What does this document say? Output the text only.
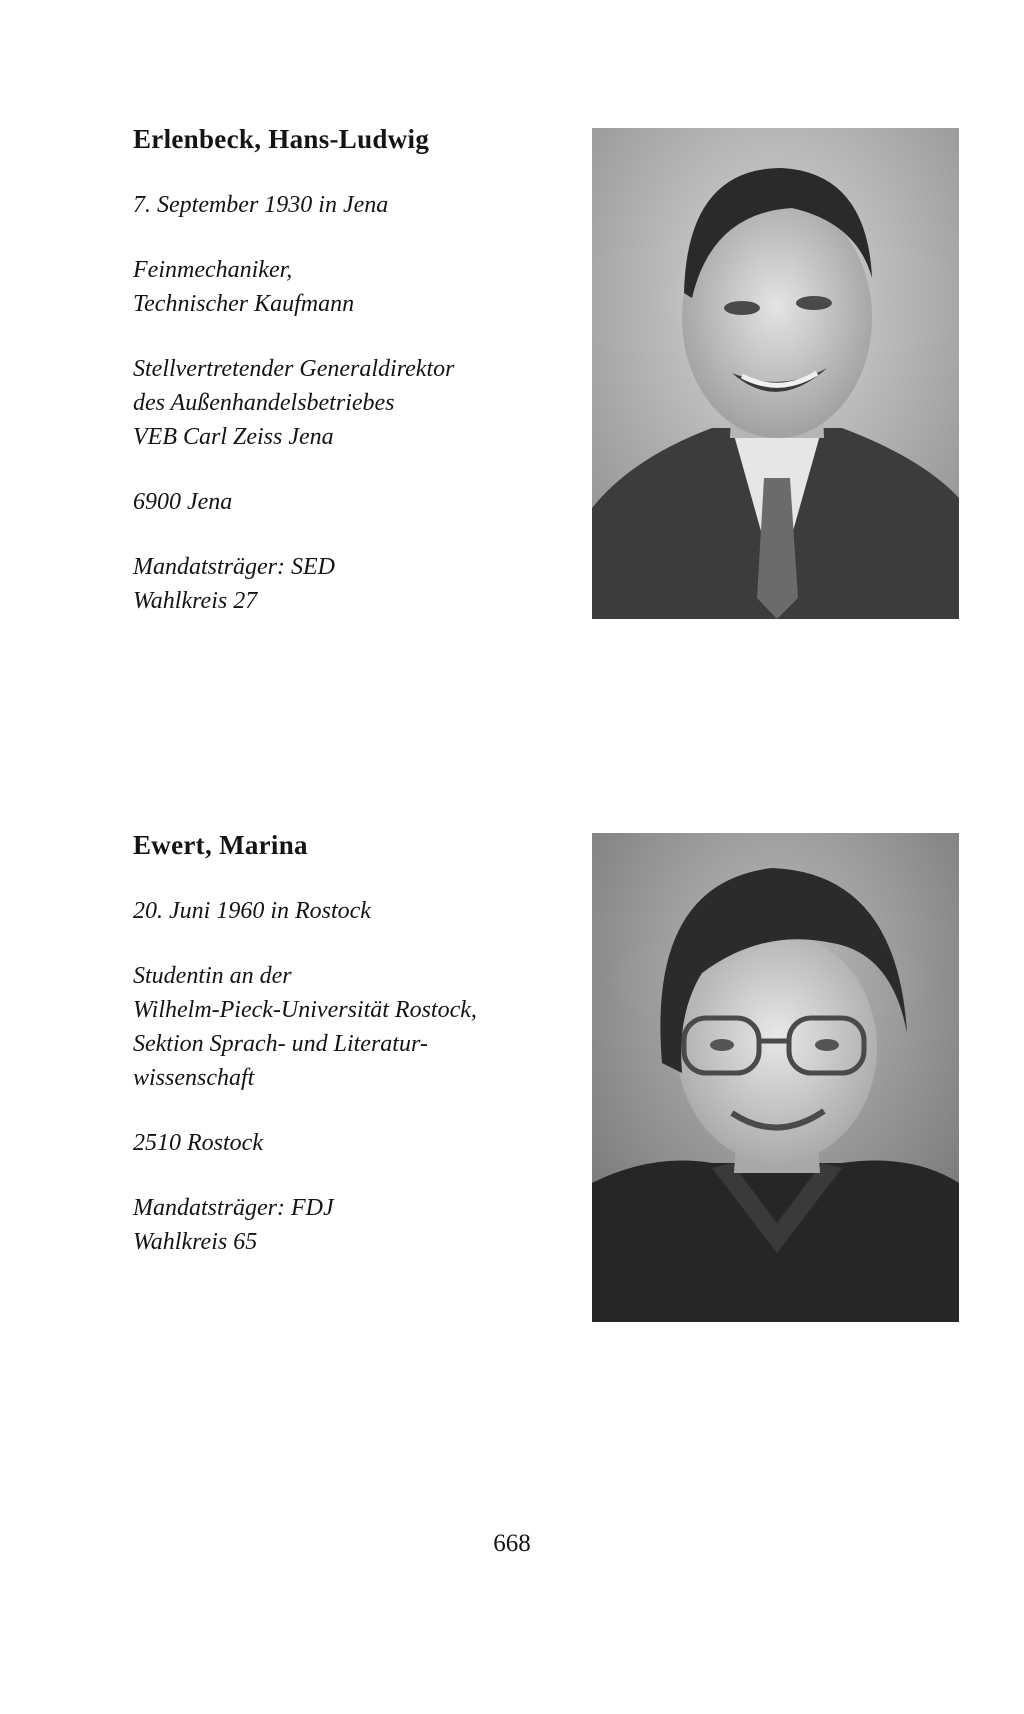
Erlenbeck, Hans-Ludwig
7. September 1930 in Jena
Feinmechaniker,
Technischer Kaufmann
Stellvertretender Generaldirektor
des Außenhandelsbetriebes
VEB Carl Zeiss Jena
6900 Jena
Mandatsträger: SED
Wahlkreis 27
Ewert, Marina
20. Juni 1960 in Rostock
Studentin an der
Wilhelm-Pieck-Universität Rostock,
Sektion Sprach- und Literatur-
wissenschaft
2510 Rostock
Mandatsträger: FDJ
Wahlkreis 65
668
